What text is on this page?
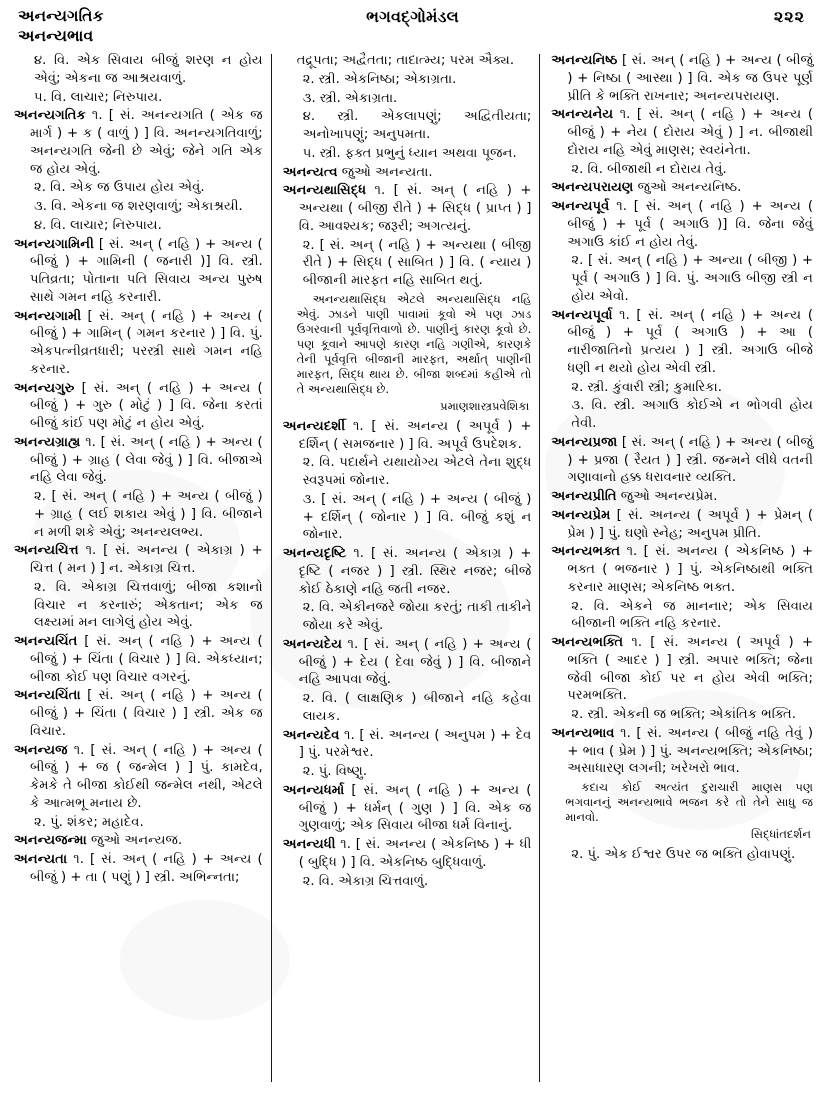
અનન્યગતિક
અનન્યભાવ
ભગવદ્ગોમંડલ	૨૨૨
૪. વિ. એક સિવાય બીજું શરણ ન હોય એવું; એકના જ આશ્રયવાળું.
૫. વિ. લાચાર; નિરુપાય.
અનન્યગતિક ૧. [ સં. અનન્યગતિ ( એક જ માર્ગ ) + ક ( વાળું ) ] વિ. અનન્યગતિવાળું; અનન્યગતિ જેની છે એવું; જેને ગતિ એક જ હોય એવું.
૨. વિ. એક જ ઉપાય હોય એવું.
૩. વિ. એકના જ શરણવાળું; એકાશ્રયી.
૪. વિ. લાચાર; નિરુપાય.
અનન્યગામિની [ સં. અન્ ( નહિ ) + અન્ય ( બીજું ) + ગામિની ( જનારી )] વિ. સ્ત્રી. પતિવ્રતા; પોતાના પતિ સિવાય અન્ય પુરુષ સાથે ગમન નહિ કરનારી.
અનન્યગામી [ સં. અન્ ( નહિ ) + અન્ય ( બીજું ) + ગામિન્ ( ગમન કરનાર ) ] વિ. પું. એકપત્નીવ્રતધારી; પરસ્ત્રી સાથે ગમન નહિ કરનાર.
અનન્યગુરુ [ સં. અન્ ( નહિ ) + અન્ય ( બીજું ) + ગુરુ ( મોટું ) ] વિ. જેના કરતાં બીજું કાંઈ પણ મોટું ન હોય એવું.
અનન્યગ્રાહ્ય ૧. [ સં. અન્ ( નહિ ) + અન્ય ( બીજું ) + ગ્રાહ ( લેવા જેવું ) ] વિ. બીજાએ નહિ લેવા જેવું.
૨. [ સં. અન્ ( નહિ ) + અન્ય ( બીજું ) + ગ્રાહ ( લઈ શકાય એવું ) ] વિ. બીજાને ન મળી શકે એવું; અનન્યલભ્ય.
અનન્યચિત્ત ૧. [ સં. અનન્ય ( એકાગ્ર ) + ચિત્ત ( મન ) ] ન. એકાગ્ર ચિત્ત.
૨. વિ. એકાગ્ર ચિત્તવાળું; બીજા કશાનો વિચાર ન કરનારું; એકતાન; એક જ લક્ષ્યમાં મન લાગેલું હોય એવું.
અનન્યચિંત [ સં. અન્ ( નહિ ) + અન્ય ( બીજું ) + ચિંતા ( વિચાર ) ] વિ. એકધ્યાન; બીજા કોઈ પણ વિચાર વગરનું.
અનન્યચિંતા [ સં. અન્ ( નહિ ) + અન્ય ( બીજું ) + ચિંતા ( વિચાર ) ] સ્ત્રી. એક જ વિચાર.
અનન્યજ ૧. [ સં. અન્ ( નહિ ) + અન્ય ( બીજું ) + જ ( જન્મેલ ) ] પું. કામદેવ, કેમકે તે બીજા કોઈથી જન્મેલ નથી, એટલે કે આત્મભૂ મનાય છે.
૨. પું. શંકર; મહાદેવ.
અનન્યજન્મા જુઓ અનન્યજ.
અનન્યતા ૧. [ સં. અન્ ( નહિ ) + અન્ય ( બીજું ) + તા ( પણું ) ] સ્ત્રી. અભિન્નતા;
તદ્રૂપતા; અદ્વૈતતા; તાદાત્મ્ય; પરમ ઐક્ય.
૨. સ્ત્રી. એકનિષ્ઠા; એકાગ્રતા.
૩. સ્ત્રી. એકાગ્રતા.
૪. સ્ત્રી. એકલાપણું; અદ્વિતીયતા; અનોખાપણું; અનુપમતા.
૫. સ્ત્રી. ફક્ત પ્રભુનું ધ્યાન અથવા પૂજન.
અનન્યત્વ જુઓ અનન્યતા.
અનન્યથાસિદ્ધ ૧. [ સં. અન્ ( નહિ ) + અન્યથા ( બીજી રીતે ) + સિદ્ધ ( પ્રાપ્ત ) ] વિ. આવશ્યક; જરૂરી; અગત્યનું.
૨. [ સં. અન્ ( નહિ ) + અન્યથા ( બીજી રીતે ) + સિદ્ધ ( સાબિત ) ] વિ. ( ન્યાય ) બીજાની મારફત નહિ સાબિત થતું.
અનન્યથાસિદ્ધ એટલે અન્યથાસિદ્ધ નહિ એવું. ઝાડને પાણી પાવામાં કૂવો એ પણ ઝાડ ઉગરવાની પૂર્વવૃત્તિવાળો છે. પાણીનું કારણ કૂવો છે. પણ કૂવાને આપણે કારણ નહિ ગણીએ, કારણકે તેની પૂર્વવૃત્તિ બીજાની મારફત, અર્થાત્ પાણીની મારફત, સિદ્ધ થાય છે. બીજા શબ્દમાં કહીએ તો તે અન્યથાસિદ્ધ છે.
પ્રમાણશાસ્ત્રપ્રવેશિકા
અનન્યદર્શી ૧. [ સં. અનન્ય ( અપૂર્વ ) + દર્શિન્ ( સમજનાર ) ] વિ. અપૂર્વ ઉપદેશક.
૨. વિ. પદાર્થને યથાયોગ્ય એટલે તેના શુદ્ધ સ્વરૂપમાં જોનાર.
૩. [ સં. અન્ ( નહિ ) + અન્ય ( બીજું ) + દર્શિન્ ( જોનાર ) ] વિ. બીજું કશું ન જોનાર.
અનન્યદૃષ્ટિ ૧. [ સં. અનન્ય ( એકાગ્ર ) + દૃષ્ટિ ( નજર ) ] સ્ત્રી. સ્થિર નજર; બીજે કોઈ ઠેકાણે નહિ જતી નજર.
૨. વિ. એકીનજરે જોયા કરતું; તાકી તાકીને જોયા કરે એવું.
અનન્યદેય ૧. [ સં. અન્ ( નહિ ) + અન્ય ( બીજું ) + દેય ( દેવા જેવું ) ] વિ. બીજાને નહિ આપવા જેવું.
૨. વિ. ( લાક્ષણિક ) બીજાને નહિ કહેવા લાયક.
અનન્યદેવ ૧. [ સં. અનન્ય ( અનુપમ ) + દેવ ] પું. પરમેશ્વર.
૨. પું. વિષ્ણુ.
અનન્યધર્મા [ સં. અન્ ( નહિ ) + અન્ય ( બીજું ) + ધર્મન્ ( ગુણ ) ] વિ. એક જ ગુણવાળું; એક સિવાય બીજા ધર્મ વિનાનું.
અનન્યધી ૧. [ સં. અનન્ય ( એકનિષ્ઠ ) + ધી ( બુદ્ધિ ) ] વિ. એકનિષ્ઠ બુદ્ધિવાળું.
૨. વિ. એકાગ્ર ચિત્તવાળું.
અનન્યનિષ્ઠ [ સં. અન્ ( નહિ ) + અન્ય ( બીજું ) + નિષ્ઠા ( આસ્થા ) ] વિ. એક જ ઉપર પૂર્ણ પ્રીતિ કે ભક્તિ રાખનાર; અનન્યપરાયણ.
અનન્યનેય ૧. [ સં. અન્ ( નહિ ) + અન્ય ( બીજું ) + નેય ( દોરાય એવું ) ] ન. બીજાથી દોરાય નહિ એવું માણસ; સ્વયંનેતા.
૨. વિ. બીજાથી ન દોરાય તેવું.
અનન્યપરાયણ જુઓ અનન્યનિષ્ઠ.
અનન્યપૂર્વ ૧. [ સં. અન્ ( નહિ ) + અન્ય ( બીજું ) + પૂર્વ ( અગાઉ )] વિ. જેના જેવું અગાઉ કાંઈ ન હોય તેવું.
૨. [ સં. અન્ ( નહિ ) + અન્યા ( બીજી ) + પૂર્વ ( અગાઉ ) ] વિ. પું. અગાઉ બીજી સ્ત્રી ન હોય એવો.
અનન્યપૂર્વા ૧. [ સં. અન્ ( નહિ ) + અન્ય ( બીજું ) + પૂર્વ ( અગાઉ ) + આ ( નારીજાતિનો પ્રત્યય ) ] સ્ત્રી. અગાઉ બીજે ધણી ન થયો હોય એવી સ્ત્રી.
૨. સ્ત્રી. કુંવારી સ્ત્રી; કુમારિકા.
૩. વિ. સ્ત્રી. અગાઉ કોઈએ ન ભોગવી હોય તેવી.
અનન્યપ્રજા [ સં. અન્ ( નહિ ) + અન્ય ( બીજું ) + પ્રજા ( રૈયત ) ] સ્ત્રી. જન્મને લીધે વતની ગણાવાનો હક્ક ધરાવનાર વ્યક્તિ.
અનન્યપ્રીતિ જુઓ અનન્યપ્રેમ.
અનન્યપ્રેમ [ સં. અનન્ય ( અપૂર્વ ) + પ્રેમન્ ( પ્રેમ ) ] પું. ઘણો સ્નેહ; અનુપમ પ્રીતિ.
અનન્યભક્ત ૧. [ સં. અનન્ય ( એકનિષ્ઠ ) + ભક્ત ( ભજનાર ) ] પું. એકનિષ્ઠાથી ભક્તિ કરનાર માણસ; એકનિષ્ઠ ભક્ત.
૨. વિ. એકને જ માનનાર; એક સિવાય બીજાની ભક્તિ નહિ કરનાર.
અનન્યભક્તિ ૧. [ સં. અનન્ય ( અપૂર્વ ) + ભક્તિ ( આદર ) ] સ્ત્રી. અપાર ભક્તિ; જેના જેવી બીજા કોઈ પર ન હોય એવી ભક્તિ; પરમભક્તિ.
૨. સ્ત્રી. એકની જ ભક્તિ; એકાંતિક ભક્તિ.
અનન્યભાવ ૧. [ સં. અનન્ય ( બીજું નહિ તેવું ) + ભાવ ( પ્રેમ ) ] પું. અનન્યભક્તિ; એકનિષ્ઠા; અસાધારણ લગની; ખરેખરો ભાવ.
કદાચ કોઈ અત્યંત દુરાચારી માણસ પણ ભગવાનનું અનન્યભાવે ભજન કરે તો તેને સાધુ જ માનવો.
સિદ્ધાંતદર્શન
૨. પું. એક ઈશ્વર ઉપર જ ભક્તિ હોવાપણું.
